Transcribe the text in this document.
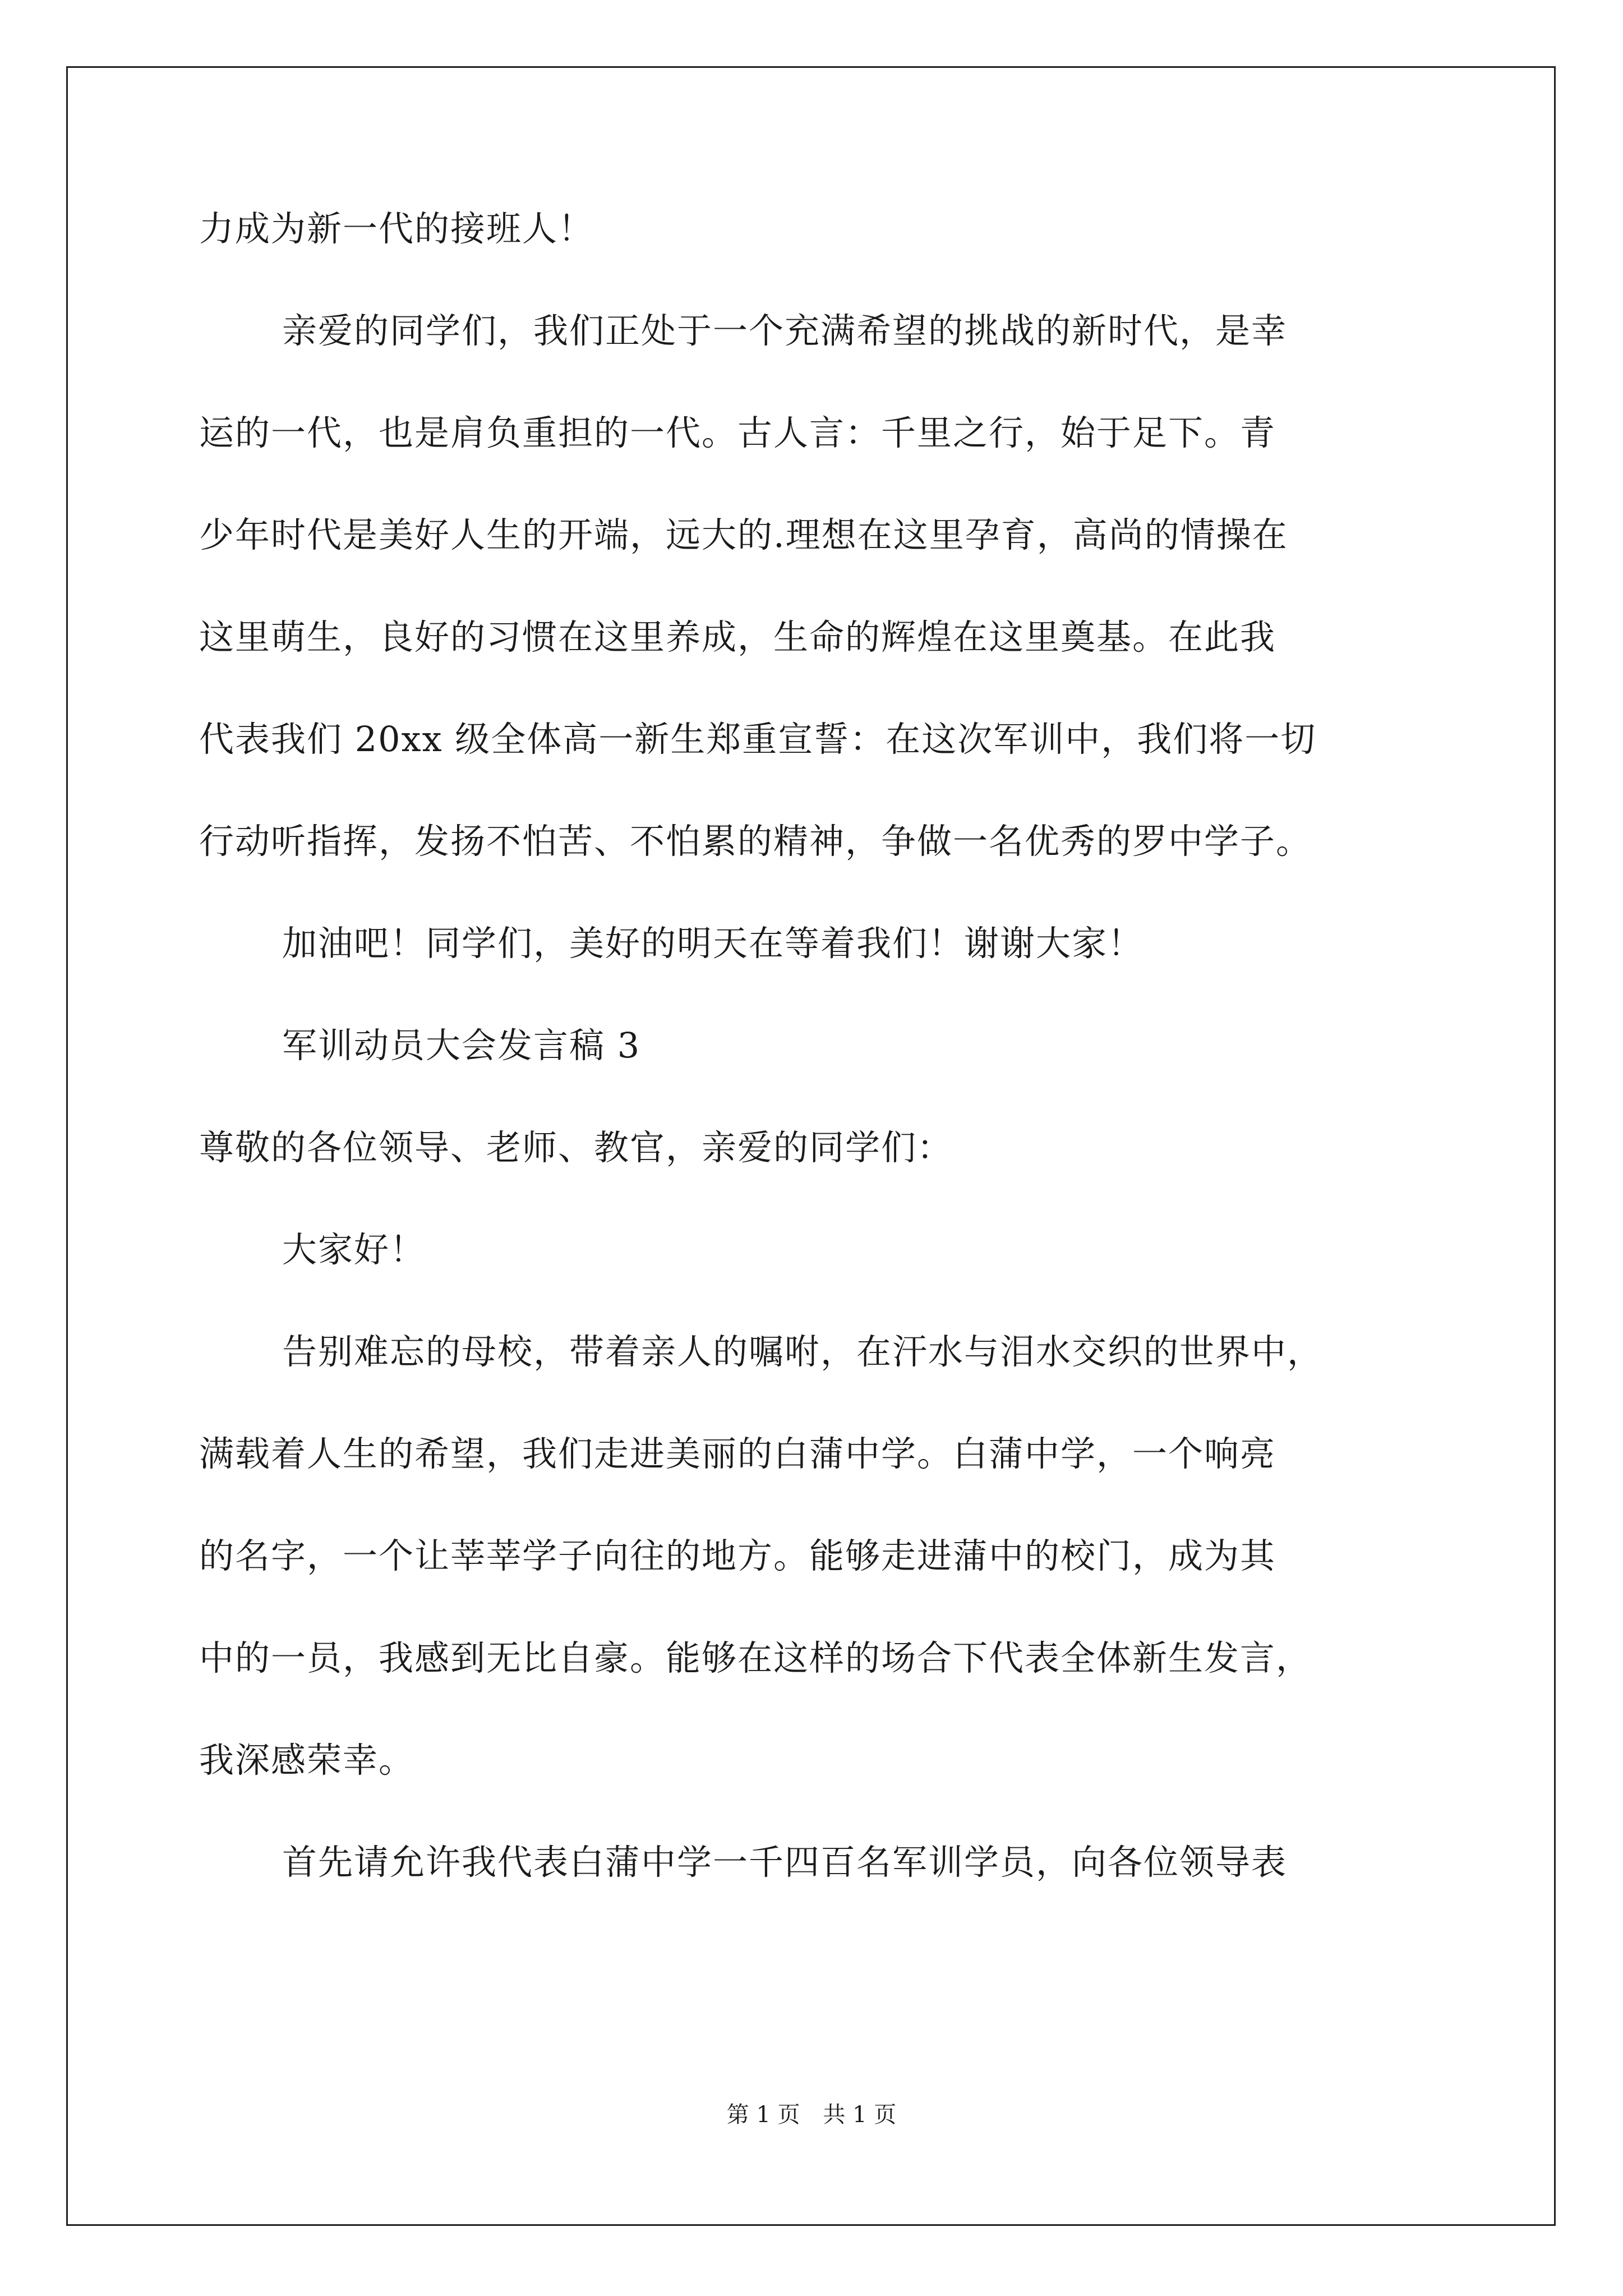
力成为新一代的接班人！
亲爱的同学们，我们正处于一个充满希望的挑战的新时代，是幸
运的一代，也是肩负重担的一代。古人言：千里之行，始于足下。青
少年时代是美好人生的开端，远大的.理想在这里孕育，高尚的情操在
这里萌生，良好的习惯在这里养成，生命的辉煌在这里奠基。在此我
代表我们 20xx 级全体高一新生郑重宣誓：在这次军训中，我们将一切
行动听指挥，发扬不怕苦、不怕累的精神，争做一名优秀的罗中学子。
加油吧！同学们，美好的明天在等着我们！谢谢大家！
军训动员大会发言稿 3
尊敬的各位领导、老师、教官，亲爱的同学们：
大家好！
告别难忘的母校，带着亲人的嘱咐，在汗水与泪水交织的世界中，
满载着人生的希望，我们走进美丽的白蒲中学。白蒲中学，一个响亮
的名字，一个让莘莘学子向往的地方。能够走进蒲中的校门，成为其
中的一员，我感到无比自豪。能够在这样的场合下代表全体新生发言，
我深感荣幸。
首先请允许我代表白蒲中学一千四百名军训学员，向各位领导表
第 1 页 共 1 页
